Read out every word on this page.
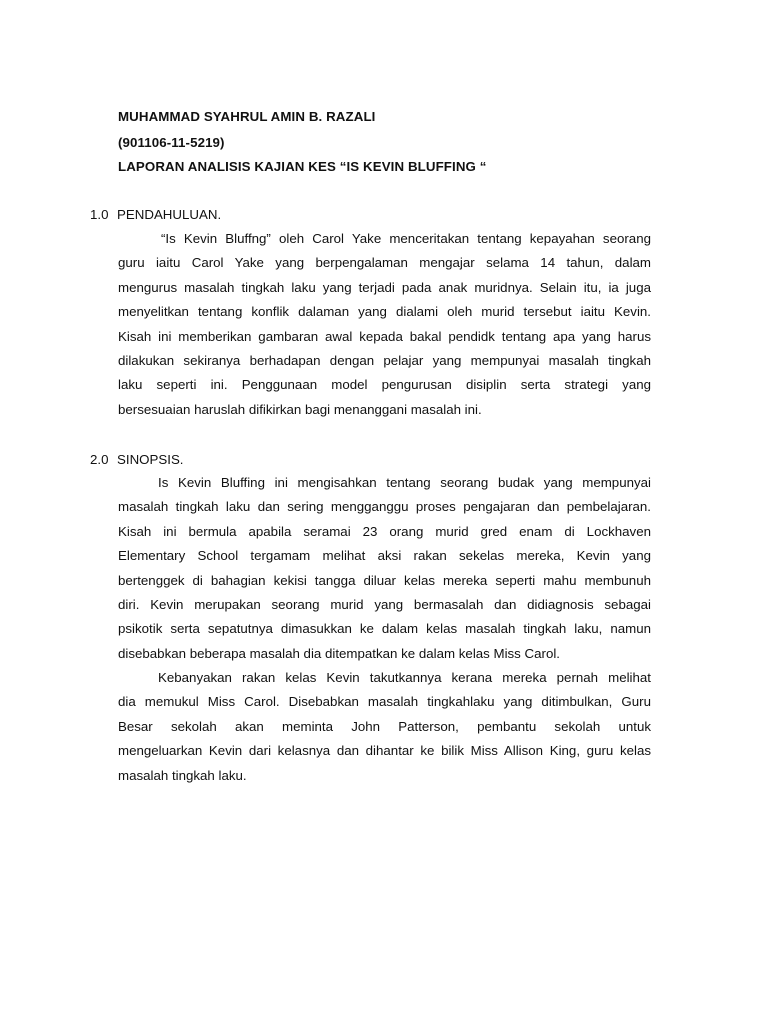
MUHAMMAD SYAHRUL AMIN B. RAZALI
(901106-11-5219)
LAPORAN ANALISIS KAJIAN KES “IS KEVIN BLUFFING “
1.0 PENDAHULUAN.
“Is Kevin Bluffng” oleh Carol Yake menceritakan tentang kepayahan seorang
guru iaitu Carol Yake yang berpengalaman mengajar selama 14 tahun, dalam
mengurus masalah tingkah laku yang terjadi pada anak muridnya. Selain itu, ia juga
menyelitkan tentang konflik dalaman yang dialami oleh murid tersebut iaitu Kevin.
Kisah ini memberikan gambaran awal kepada bakal pendidk tentang apa yang harus
dilakukan sekiranya berhadapan dengan pelajar yang mempunyai masalah tingkah
laku seperti ini. Penggunaan model pengurusan disiplin serta strategi yang
bersesuaian haruslah difikirkan bagi menanggani masalah ini.
2.0 SINOPSIS.
Is Kevin Bluffing ini mengisahkan tentang seorang budak yang mempunyai
masalah tingkah laku dan sering mengganggu proses pengajaran dan pembelajaran.
Kisah ini bermula apabila seramai 23 orang murid gred enam di Lockhaven
Elementary School tergamam melihat aksi rakan sekelas mereka, Kevin yang
bertenggek di bahagian kekisi tangga diluar kelas mereka seperti mahu membunuh
diri. Kevin merupakan seorang murid yang bermasalah dan didiagnosis sebagai
psikotik serta sepatutnya dimasukkan ke dalam kelas masalah tingkah laku, namun
disebabkan beberapa masalah dia ditempatkan ke dalam kelas Miss Carol.
Kebanyakan rakan kelas Kevin takutkannya kerana mereka pernah melihat
dia memukul Miss Carol. Disebabkan masalah tingkahlaku yang ditimbulkan, Guru
Besar sekolah akan meminta John Patterson, pembantu sekolah untuk
mengeluarkan Kevin dari kelasnya dan dihantar ke bilik Miss Allison King, guru kelas
masalah tingkah laku.
